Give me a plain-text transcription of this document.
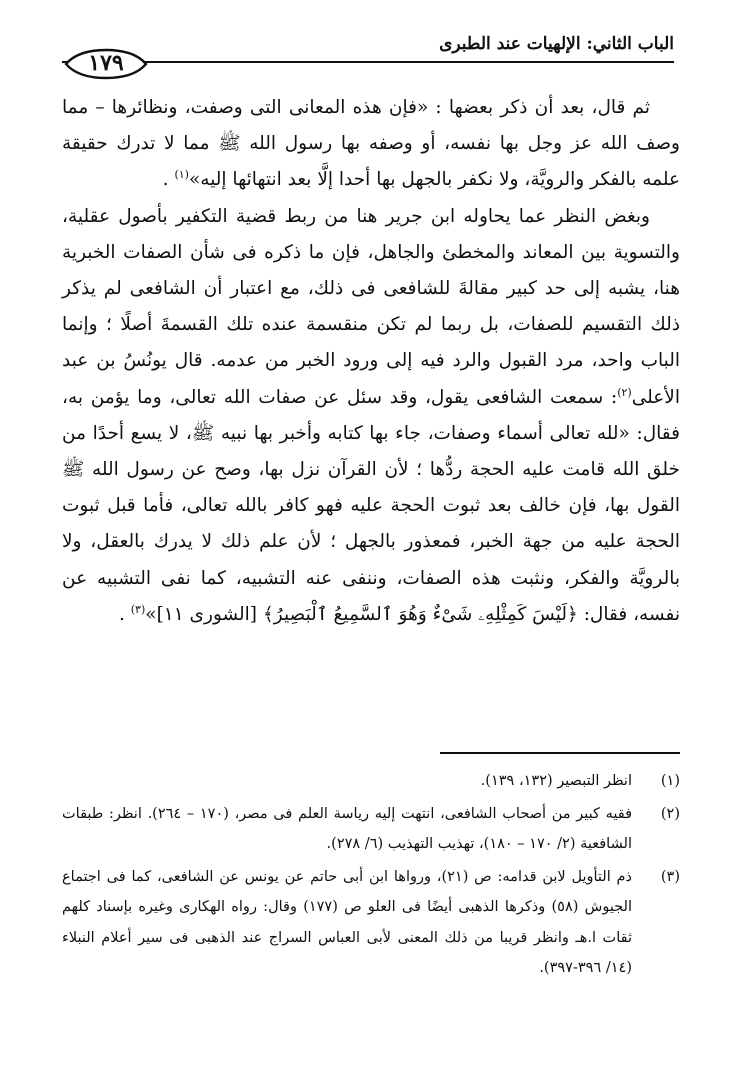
الباب الثاني: الإلهيات عند الطبرى
١٧٩

ثم قال، بعد أن ذكر بعضها : «فإن هذه المعانى التى وصفت، ونظائرها – مما وصف الله عز وجل بها نفسه، أو وصفه بها رسول الله ﷺ مما لا تدرك حقيقة علمه بالفكر والرويَّة، ولا نكفر بالجهل بها أحدا إلَّا بعد انتهائها إليه»$^{(١)}$ .

وبغض النظر عما يحاوله ابن جرير هنا من ربط قضية التكفير بأصول عقلية، والتسوية بين المعاند والمخطئ والجاهل، فإن ما ذكره فى شأن الصفات الخبرية هنا، يشبه إلى حد كبير مقالةَ للشافعى فى ذلك، مع اعتبار أن الشافعى لم يذكر ذلك التقسيم للصفات، بل ربما لم تكن منقسمة عنده تلك القسمةَ أصلًا ؛ وإنما الباب واحد، مرد القبول والرد فيه إلى ورود الخبر من عدمه. قال يونُسُ بن عبد الأعلى$^{(٢)}$: سمعت الشافعى يقول، وقد سئل عن صفات الله تعالى، وما يؤمن به، فقال: «لله تعالى أسماء وصفات، جاء بها كتابه وأخبر بها نبيه ﷺ، لا يسع أحدًا من خلق الله قامت عليه الحجة ردُّها ؛ لأن القرآن نزل بها، وصح عن رسول الله ﷺ القول بها، فإن خالف بعد ثبوت الحجة عليه فهو كافر بالله تعالى، فأما قبل ثبوت الحجة عليه من جهة الخبر، فمعذور بالجهل ؛ لأن علم ذلك لا يدرك بالعقل، ولا بالرويَّة والفكر، ونثبت هذه الصفات، وننفى عنه التشبيه، كما نفى التشبيه عن نفسه، فقال: ﴿لَيْسَ كَمِثْلِهِۦ شَىْءٌ وَهُوَ ٱلسَّمِيعُ ٱلْبَصِيرُ﴾ [الشورى ١١]»$^{(٣)}$ .

(١)
انظر التبصير (١٣٢، ١٣٩).
(٢)
فقيه كبير من أصحاب الشافعى، انتهت إليه رياسة العلم فى مصر، (١٧٠ – ٢٦٤). انظر: طبقات الشافعية (٢/ ١٧٠ – ١٨٠)، تهذيب التهذيب (٦/ ٢٧٨).
(٣)
ذم التأويل لابن قدامه: ص (٢١)، ورواها ابن أبى حاتم عن يونس عن الشافعى، كما فى اجتماع الجيوش (٥٨) وذكرها الذهبى أيضًا فى العلو ص (١٧٧) وقال: رواه الهكارى وغيره بإسناد كلهم ثقات ا.هـ وانظر قريبا من ذلك المعنى لأبى العباس السراج عند الذهبى فى سير أعلام النبلاء (١٤/ ٣٩٦-٣٩٧).
